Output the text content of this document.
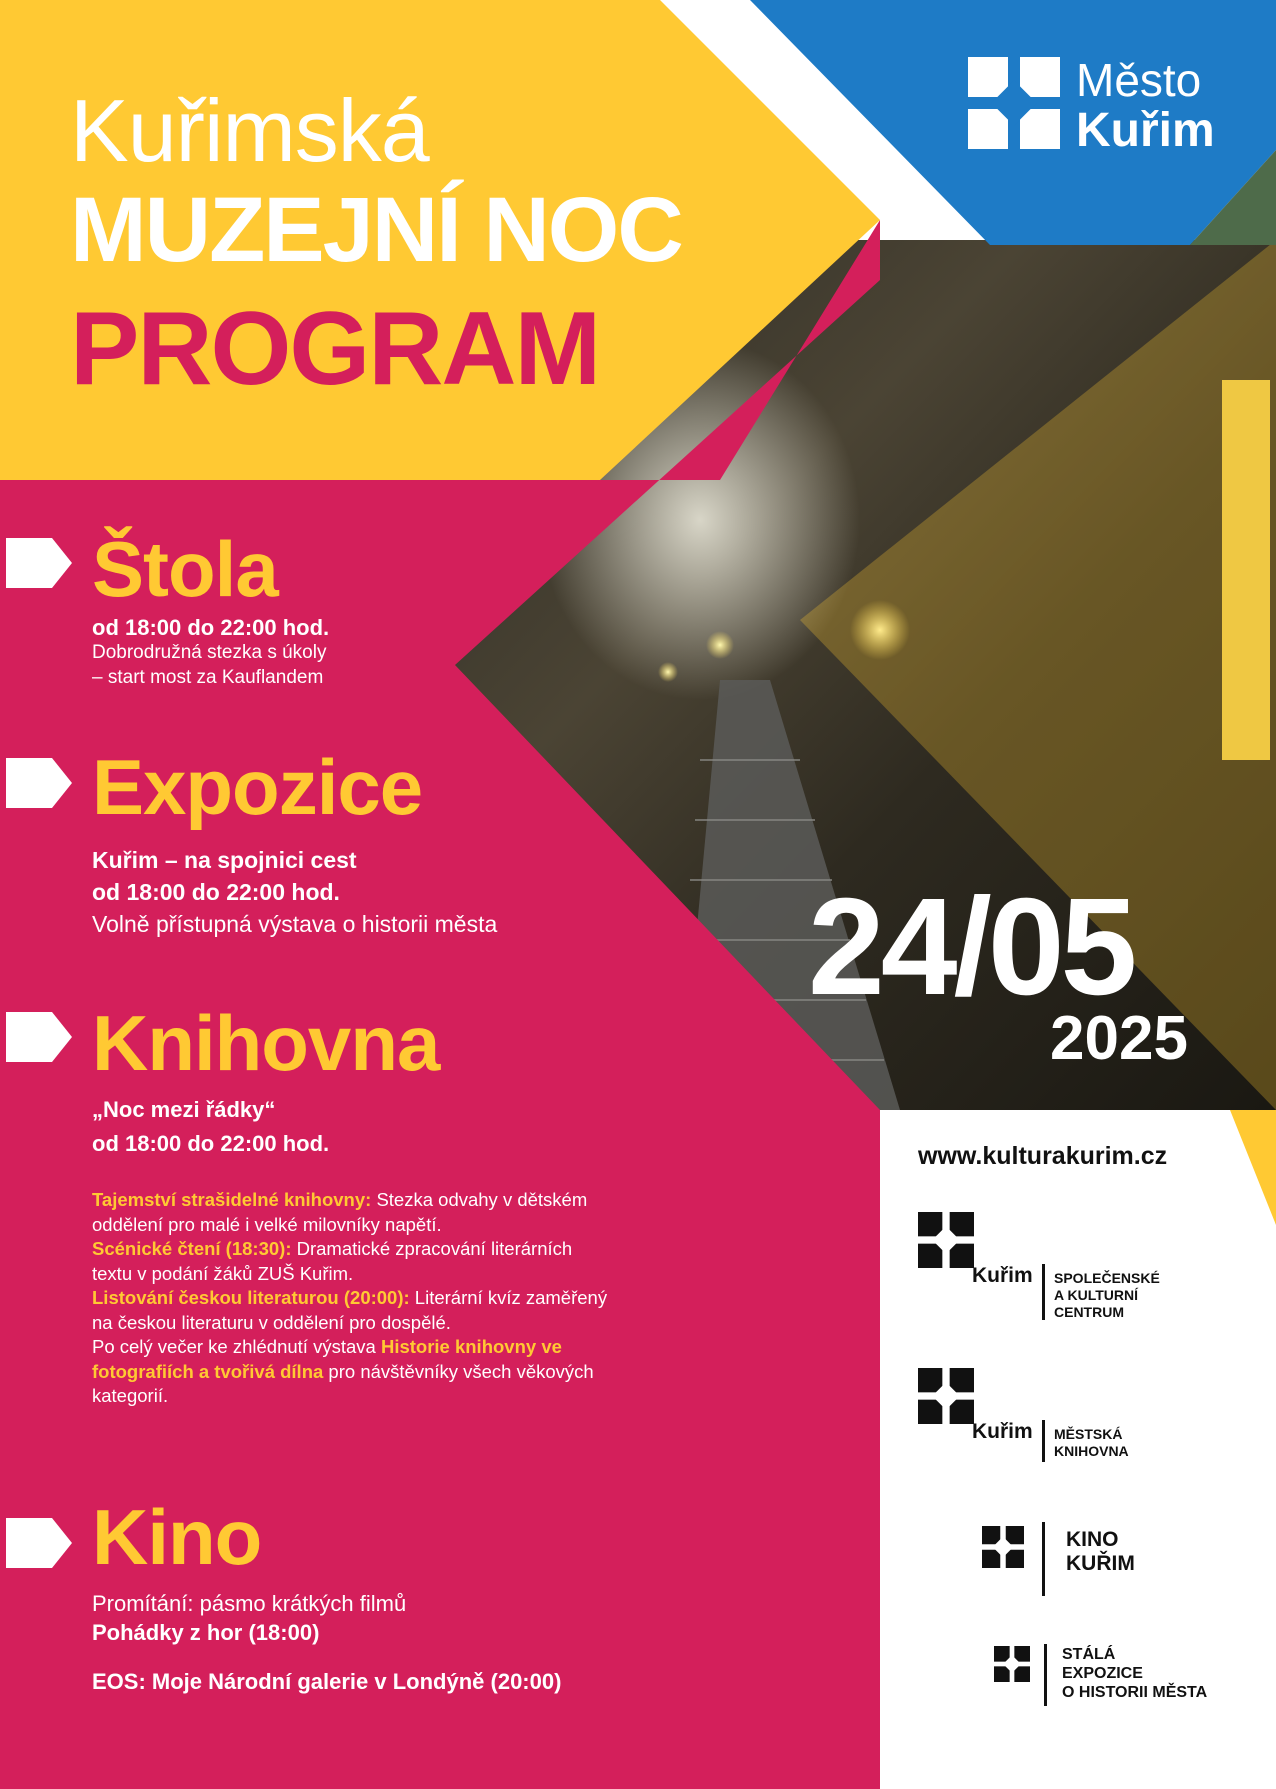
Město
Kuřim
Kuřimská
MUZEJNÍ NOC
PROGRAM
Štola
od 18:00 do 22:00 hod.
Dobrodružná stezka s úkoly
– start most za Kauflandem
Expozice
Kuřim – na spojnici cest
od 18:00 do 22:00 hod.
Volně přístupná výstava o historii města
Knihovna
„Noc mezi řádky“
od 18:00 do 22:00 hod.
Tajemství strašidelné knihovny: Stezka odvahy v dětském
oddělení pro malé i velké milovníky napětí.
Scénické čtení (18:30): Dramatické zpracování literárních
textu v podání žáků ZUŠ Kuřim.
Listování českou literaturou (20:00): Literární kvíz zaměřený
na českou literaturu v oddělení pro dospělé.
Po celý večer ke zhlédnutí výstava Historie knihovny ve
fotografiích a tvořivá dílna pro návštěvníky všech věkových
kategorií.
Kino
Promítání: pásmo krátkých filmů
Pohádky z hor (18:00)
EOS: Moje Národní galerie v Londýně (20:00)
24/05
2025
www.kulturakurim.cz
Kuřim SPOLEČENSKÉ
A KULTURNÍ
CENTRUM
Kuřim MĚSTSKÁ
KNIHOVNA
KINO
KUŘIM
STÁLÁ
EXPOZICE
O HISTORII MĚSTA
